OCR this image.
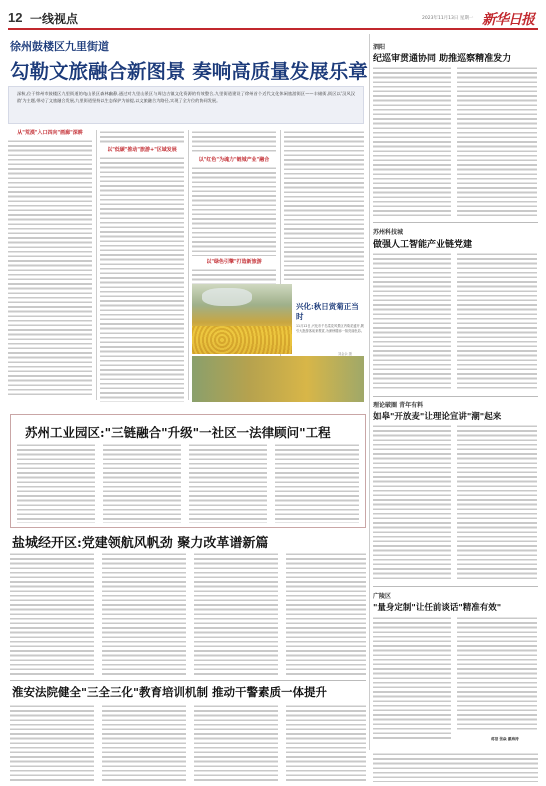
12 一线视点	2023年11月13日 星期一 新华日报
徐州鼓楼区九里街道
勾勒文旅融合新图景 奏响高质量发展乐章
深秋,位于徐州市鼓楼区九里街道的龟山景区森林幽静,通过对九里山景区与周边古镇文化资源的有效整合,九里街道建设了徐州首个近代文化休闲旅游街区——丰储街,街区以'汉风汉韵'为主题,带动了文旅融合发展,九里街道坚持以生态保护为前提,以文旅融合为路径,实现了全方位的协同发展。
从"荒漠"入口四向"画廊"深耕
以"低碳"推动"旅游+"区域发展
以"红色"为魂力"链城产业"融合
以"绿色引擎"打造新旅游
兴化:秋日赏菊正当时
11月12日,兴化市千岛菜花风景区内菊花盛开,吸引大批游客前来观赏,为深秋增添一抹亮丽色彩。
刘金余 摄
泗阳
纪巡审贯通协同 助推巡察精准发力
苏州科技城
做强人工智能产业链党建
理论破圈 青年有料
如皋"开放麦"让理论宣讲"潮"起来
广陵区
"量身定制"让任前谈话"精准有效"
蒋蓓 张焱 戴海涛
苏州工业园区:"三链融合"升级"一社区一法律顾问"工程
盐城经开区:党建领航风帆劲 聚力改革谱新篇
淮安法院健全"三全三化"教育培训机制 推动干警素质一体提升
